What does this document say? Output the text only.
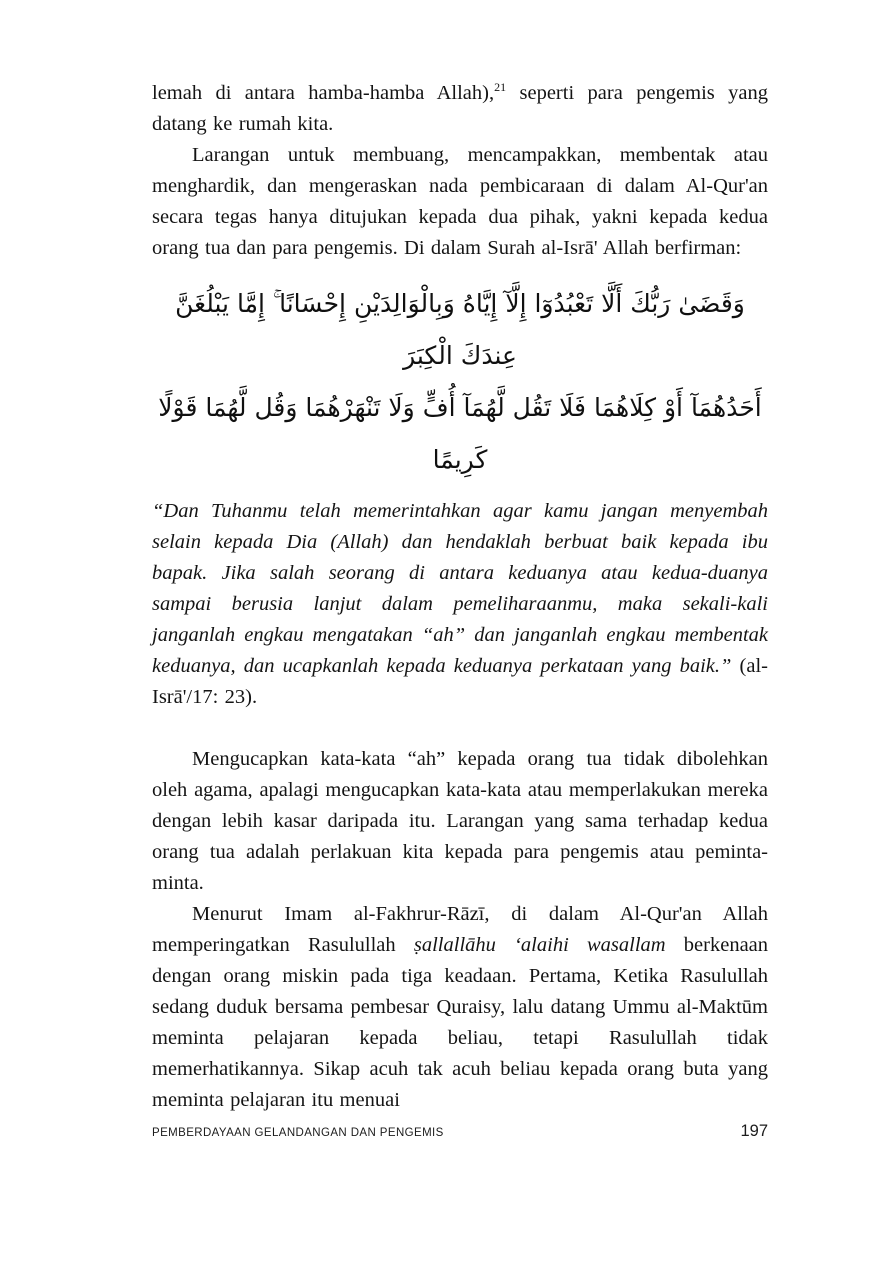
lemah di antara hamba-hamba Allah),$^{21}$ seperti para pengemis yang datang ke rumah kita.

Larangan untuk membuang, mencampakkan, membentak atau menghardik, dan mengeraskan nada pembicaraan di dalam Al-Qur'an secara tegas hanya ditujukan kepada dua pihak, yakni kepada kedua orang tua dan para pengemis. Di dalam Surah al-Isrā' Allah berfirman:

وَقَضَىٰ رَبُّكَ أَلَّا تَعْبُدُوٓا إِلَّآ إِيَّاهُ وَبِالْوَالِدَيْنِ إِحْسَانًا ۚ إِمَّا يَبْلُغَنَّ عِندَكَ الْكِبَرَ
أَحَدُهُمَآ أَوْ كِلَاهُمَا فَلَا تَقُل لَّهُمَآ أُفٍّ وَلَا تَنْهَرْهُمَا وَقُل لَّهُمَا قَوْلًا كَرِيمًا

“Dan Tuhanmu telah memerintahkan agar kamu jangan menyembah selain kepada Dia (Allah) dan hendaklah berbuat baik kepada ibu bapak. Jika salah seorang di antara keduanya atau kedua-duanya sampai berusia lanjut dalam pemeliharaanmu, maka sekali-kali janganlah engkau mengatakan “ah” dan janganlah engkau membentak keduanya, dan ucapkanlah kepada keduanya perkataan yang baik.” (al-Isrā'/17: 23).

Mengucapkan kata-kata “ah” kepada orang tua tidak dibolehkan oleh agama, apalagi mengucapkan kata-kata atau memperlakukan mereka dengan lebih kasar daripada itu. Larangan yang sama terhadap kedua orang tua adalah perlakuan kita kepada para pengemis atau peminta-minta.

Menurut Imam al-Fakhrur-Rāzī, di dalam Al-Qur'an Allah memperingatkan Rasulullah ṣallallāhu ‘alaihi wasallam berkenaan dengan orang miskin pada tiga keadaan. Pertama, Ketika Rasulullah sedang duduk bersama pembesar Quraisy, lalu datang Ummu al-Maktūm meminta pelajaran kepada beliau, tetapi Rasulullah tidak memerhatikannya. Sikap acuh tak acuh beliau kepada orang buta yang meminta pelajaran itu menuai

PEMBERDAYAAN GELANDANGAN DAN PENGEMIS	197
